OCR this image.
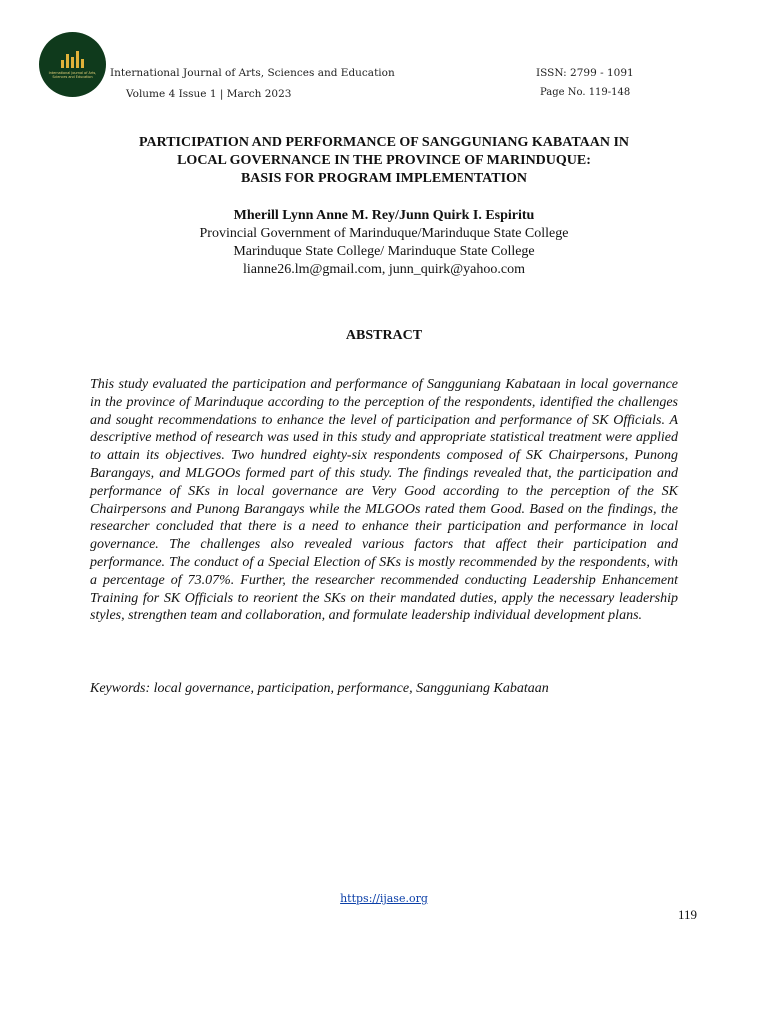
International Journal of Arts, Sciences and Education	International Journal of Arts, Sciences and Education
Volume 4 Issue 1 | March 2023
ISSN: 2799 - 1091
Page No. 119-148
PARTICIPATION AND PERFORMANCE OF SANGGUNIANG KABATAAN IN
LOCAL GOVERNANCE IN THE PROVINCE OF MARINDUQUE:
BASIS FOR PROGRAM IMPLEMENTATION
Mherill Lynn Anne M. Rey/Junn Quirk I. Espiritu
Provincial Government of Marinduque/Marinduque State College
Marinduque State College/ Marinduque State College
lianne26.lm@gmail.com, junn_quirk@yahoo.com
ABSTRACT

This study evaluated the participation and performance of Sangguniang Kabataan in local governance in the province of Marinduque according to the perception of the respondents, identified the challenges and sought recommendations to enhance the level of participation and performance of SK Officials. A descriptive method of research was used in this study and appropriate statistical treatment were applied to attain its objectives. Two hundred eighty-six respondents composed of SK Chairpersons, Punong Barangays, and MLGOOs formed part of this study. The findings revealed that, the participation and performance of SKs in local governance are Very Good according to the perception of the SK Chairpersons and Punong Barangays while the MLGOOs rated them Good. Based on the findings, the researcher concluded that there is a need to enhance their participation and performance in local governance. The challenges also revealed various factors that affect their participation and performance. The conduct of a Special Election of SKs is mostly recommended by the respondents, with a percentage of 73.07%. Further, the researcher recommended conducting Leadership Enhancement Training for SK Officials to reorient the SKs on their mandated duties, apply the necessary leadership styles, strengthen team and collaboration, and formulate leadership individual development plans.

Keywords: local governance, participation, performance, Sangguniang Kabataan
https://ijase.org
119
